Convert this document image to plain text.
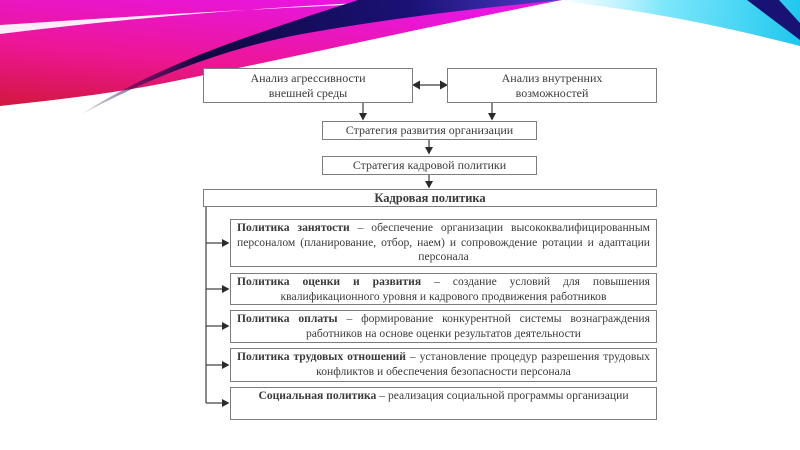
Анализ агрессивности внешней среды
Анализ внутренних возможностей
Стратегия развития организации
Стратегия кадровой политики
Кадровая политика
Политика занятости – обеспечение организации высококвалифицированным персоналом (планирование, отбор, наем) и сопровождение ротации и адаптации персонала
Политика оценки и развития – создание условий для повышения квалификационного уровня и кадрового продвижения работников
Политика оплаты – формирование конкурентной системы вознаграждения работников на основе оценки результатов деятельности
Политика трудовых отношений – установление процедур разрешения трудовых конфликтов и обеспечения безопасности персонала
Социальная политика – реализация социальной программы организации
